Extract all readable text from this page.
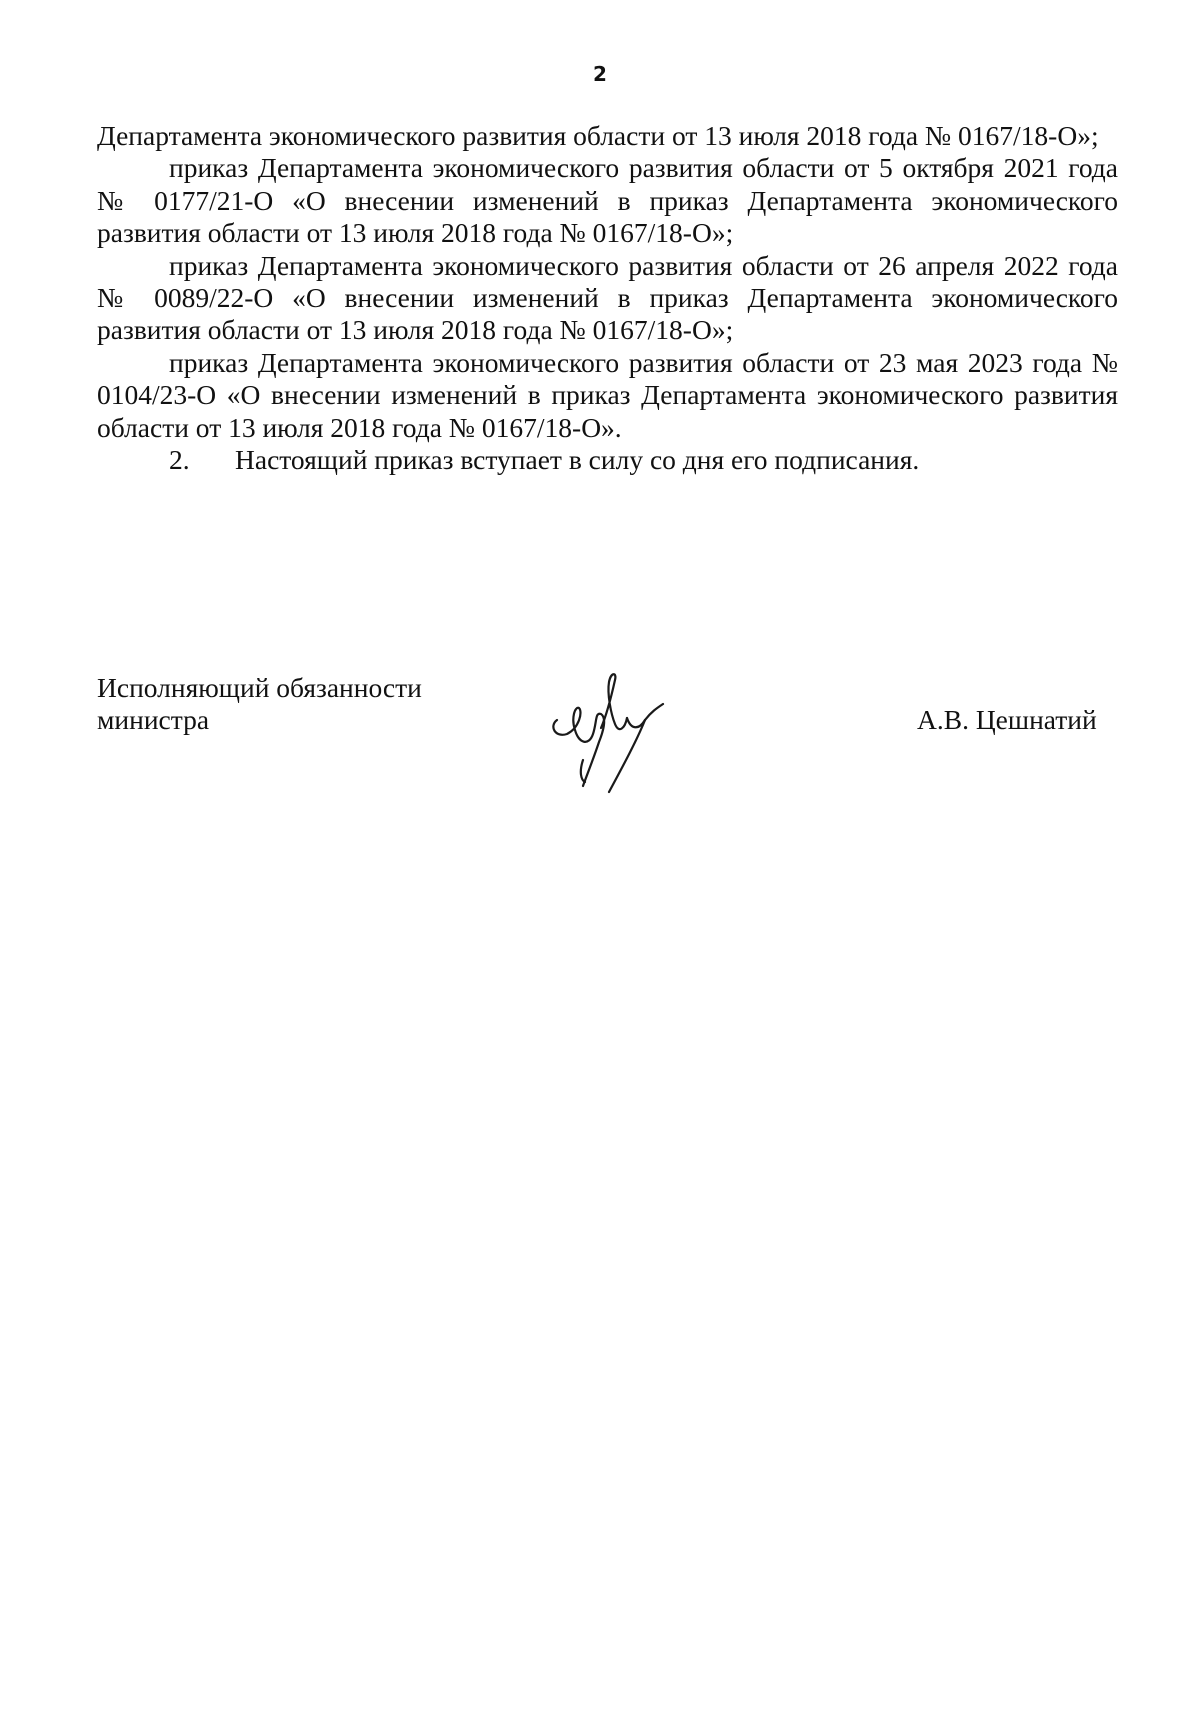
2

Департамента экономического развития области от 13 июля 2018 года № 0167/18-О»;

приказ Департамента экономического развития области от 5 октября 2021 года № 0177/21-О «О внесении изменений в приказ Департамента экономического развития области от 13 июля 2018 года № 0167/18-О»;

приказ Департамента экономического развития области от 26 апреля 2022 года № 0089/22-О «О внесении изменений в приказ Департамента экономического развития области от 13 июля 2018 года № 0167/18-О»;

приказ Департамента экономического развития области от 23 мая 2023 года № 0104/23-О «О внесении изменений в приказ Департамента экономического развития области от 13 июля 2018 года № 0167/18-О».

2. Настоящий приказ вступает в силу со дня его подписания.

Исполняющий обязанности
министра	А.В. Цешнатий
